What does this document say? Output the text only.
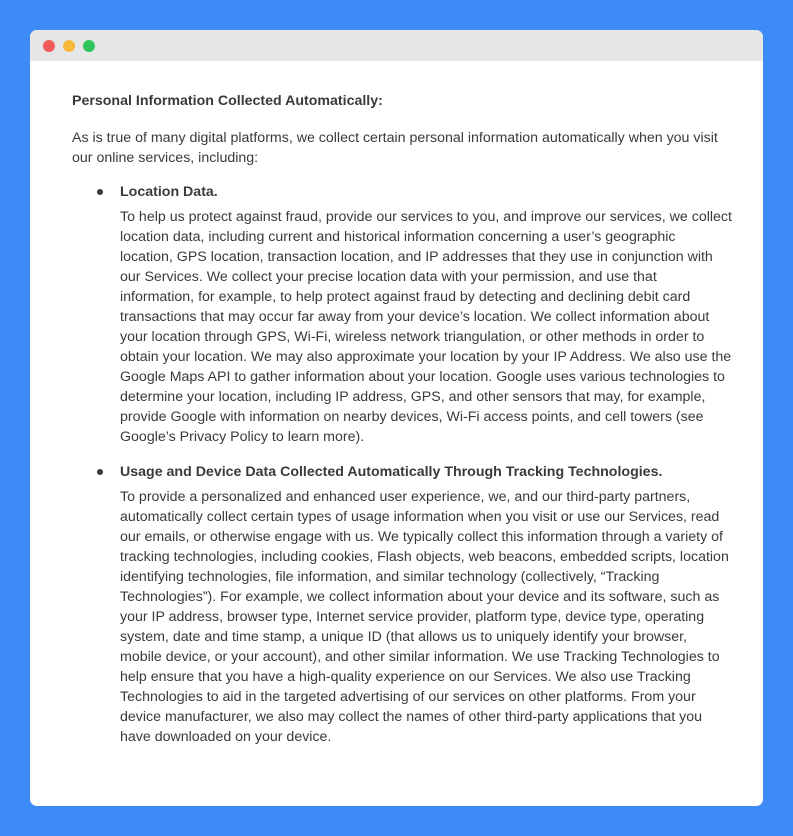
Personal Information Collected Automatically:

As is true of many digital platforms, we collect certain personal information automatically when you visit our online services, including:

Location Data.

To help us protect against fraud, provide our services to you, and improve our services, we collect location data, including current and historical information concerning a user’s geographic location, GPS location, transaction location, and IP addresses that they use in conjunction with our Services. We collect your precise location data with your permission, and use that information, for example, to help protect against fraud by detecting and declining debit card transactions that may occur far away from your device’s location. We collect information about your location through GPS, Wi-Fi, wireless network triangulation, or other methods in order to obtain your location. We may also approximate your location by your IP Address. We also use the Google Maps API to gather information about your location. Google uses various technologies to determine your location, including IP address, GPS, and other sensors that may, for example, provide Google with information on nearby devices, Wi-Fi access points, and cell towers (see Google’s Privacy Policy to learn more).

Usage and Device Data Collected Automatically Through Tracking Technologies.

To provide a personalized and enhanced user experience, we, and our third-party partners, automatically collect certain types of usage information when you visit or use our Services, read our emails, or otherwise engage with us. We typically collect this information through a variety of tracking technologies, including cookies, Flash objects, web beacons, embedded scripts, location identifying technologies, file information, and similar technology (collectively, “Tracking Technologies”). For example, we collect information about your device and its software, such as your IP address, browser type, Internet service provider, platform type, device type, operating system, date and time stamp, a unique ID (that allows us to uniquely identify your browser, mobile device, or your account), and other similar information. We use Tracking Technologies to help ensure that you have a high-quality experience on our Services. We also use Tracking Technologies to aid in the targeted advertising of our services on other platforms. From your device manufacturer, we also may collect the names of other third-party applications that you have downloaded on your device.
